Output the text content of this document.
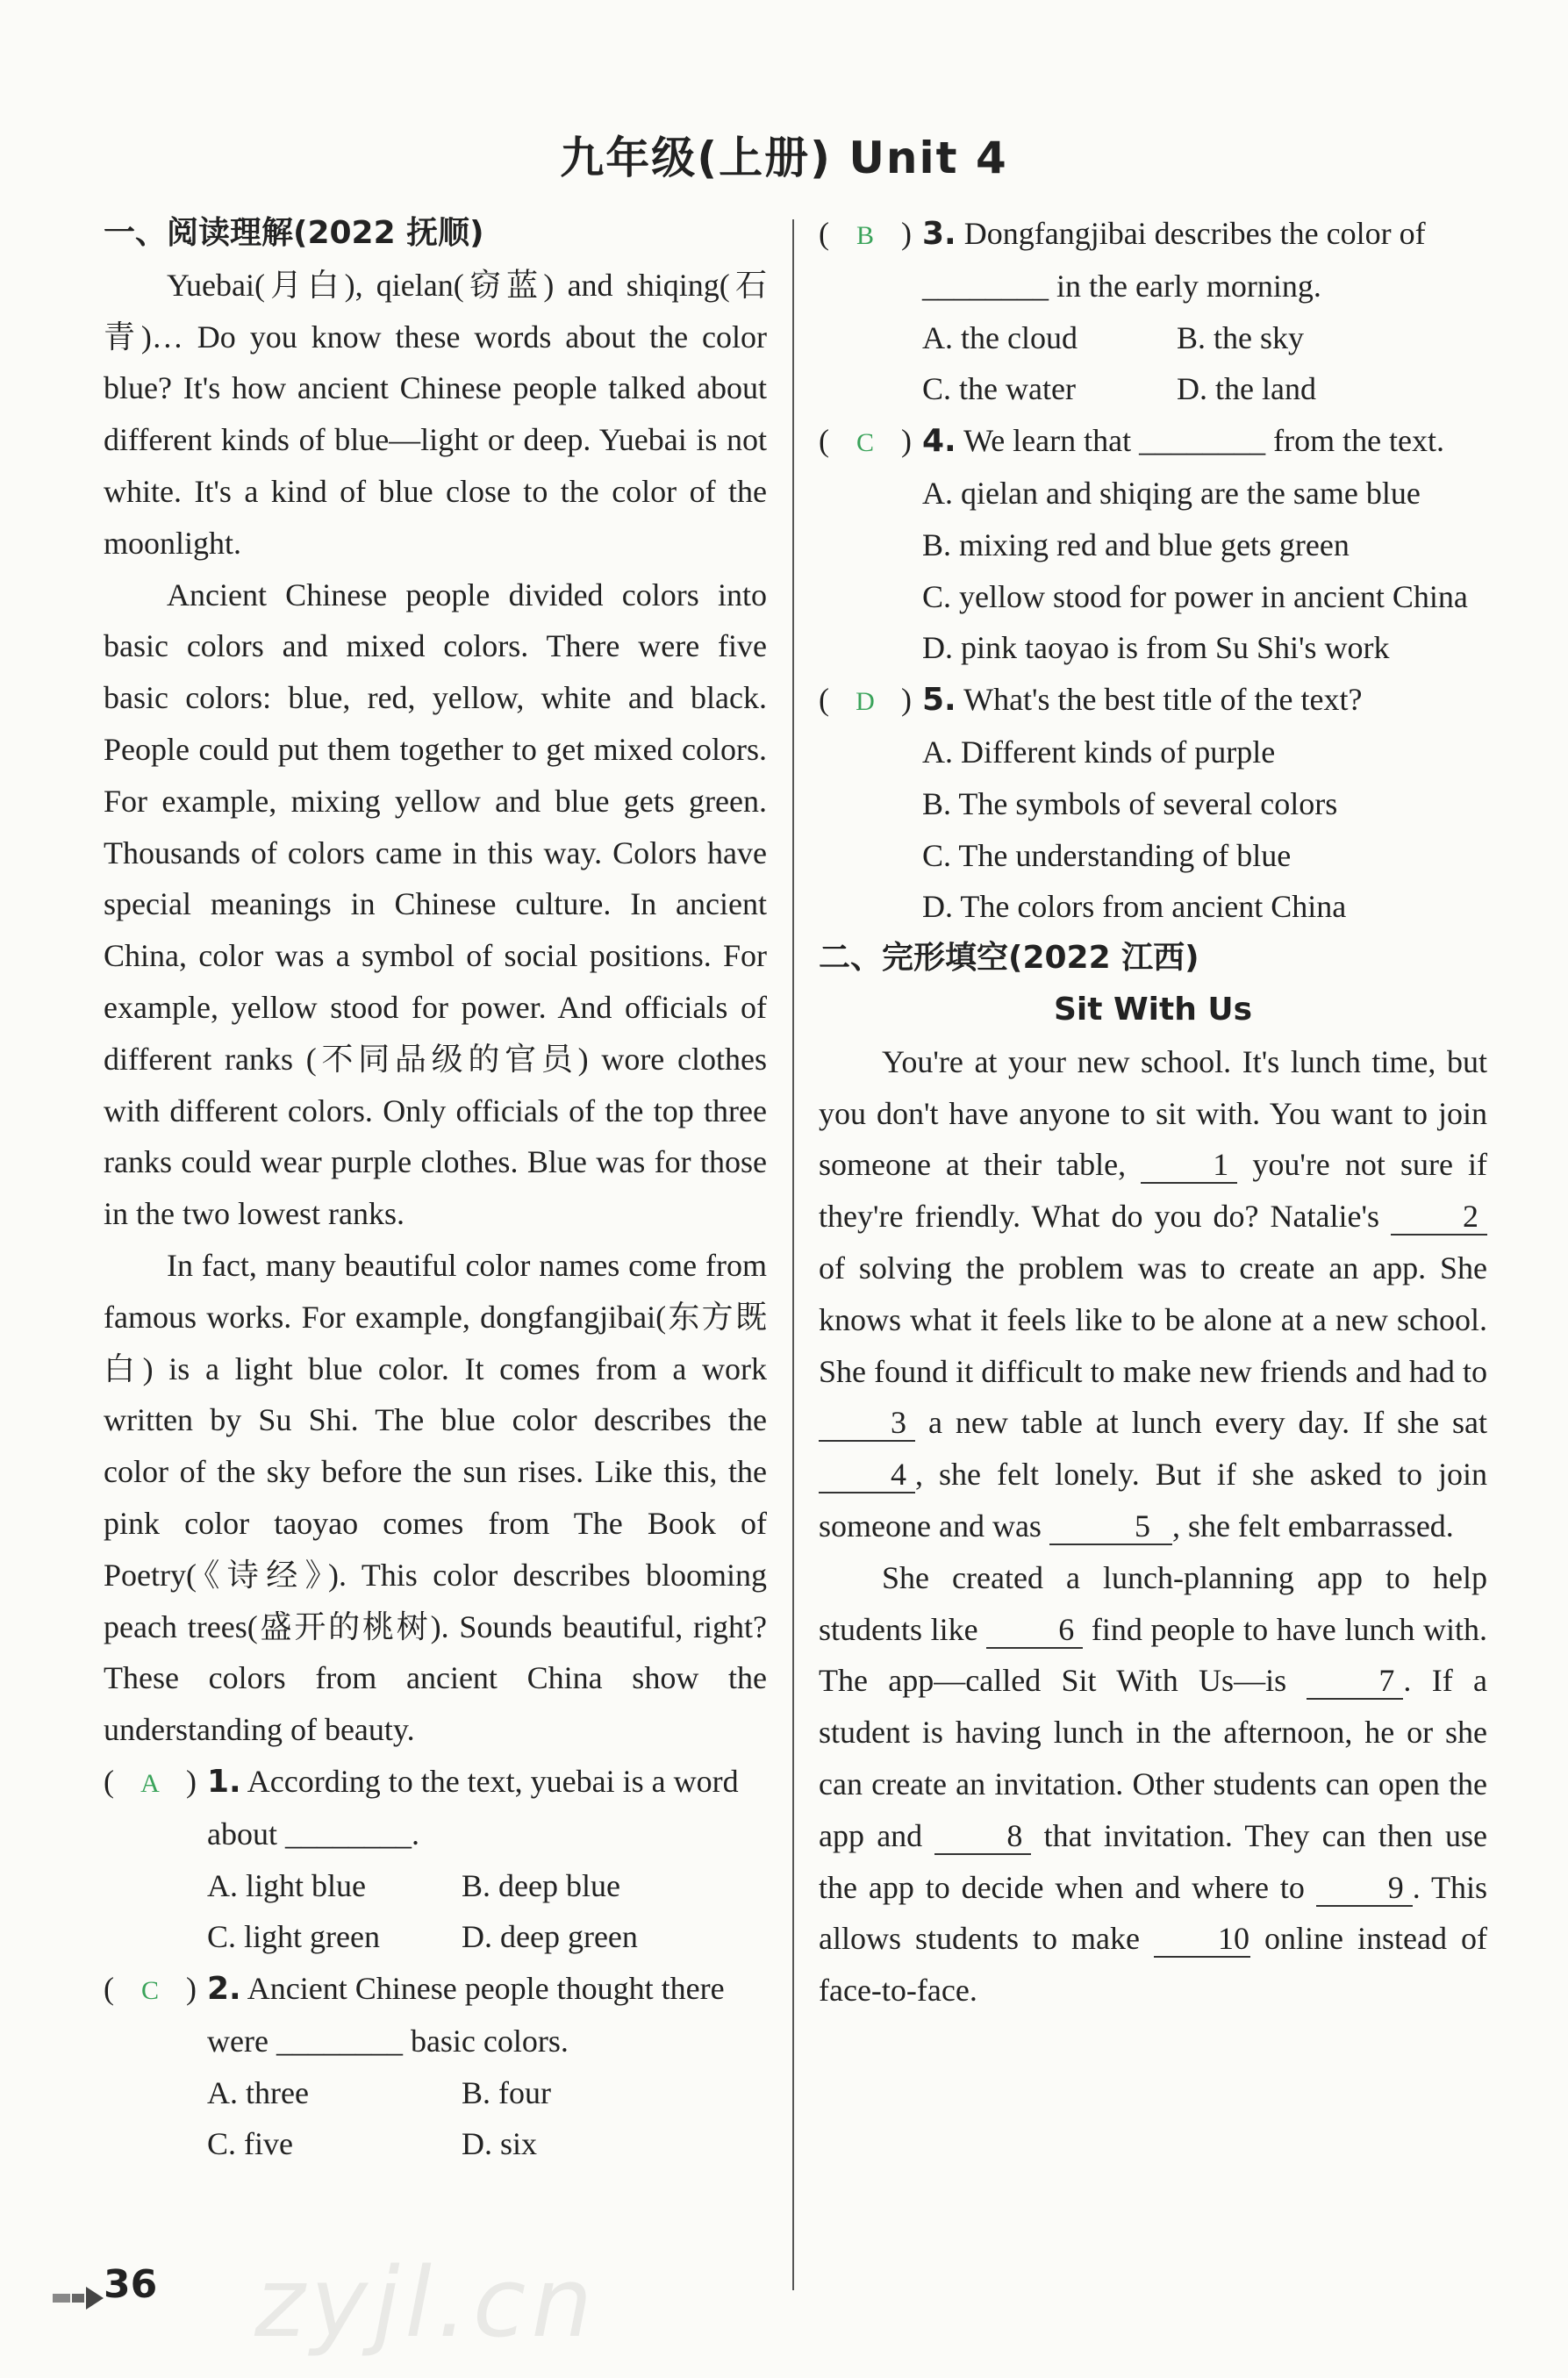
九年级(上册) Unit 4
一、阅读理解(2022 抚顺)

Yuebai(月白), qielan(窃蓝) and shiqing(石青)… Do you know these words about the color blue? It's how ancient Chinese people talked about different kinds of blue—light or deep. Yuebai is not white. It's a kind of blue close to the color of the moonlight.

Ancient Chinese people divided colors into basic colors and mixed colors. There were five basic colors: blue, red, yellow, white and black. People could put them together to get mixed colors. For example, mixing yellow and blue gets green. Thousands of colors came in this way. Colors have special meanings in Chinese culture. In ancient China, color was a symbol of social positions. For example, yellow stood for power. And officials of different ranks (不同品级的官员) wore clothes with different colors. Only officials of the top three ranks could wear purple clothes. Blue was for those in the two lowest ranks.

In fact, many beautiful color names come from famous works. For example, dongfangjibai(东方既白) is a light blue color. It comes from a work written by Su Shi. The blue color describes the color of the sky before the sun rises. Like this, the pink color taoyao comes from The Book of Poetry(《诗经》). This color describes blooming peach trees(盛开的桃树). Sounds beautiful, right? These colors from ancient China show the understanding of beauty.

( A ) 1. According to the text, yuebai is a word about ________.
A. light blue	B. deep blue
C. light green	D. deep green
( C ) 2. Ancient Chinese people thought there were ________ basic colors.
A. three	B. four
C. five	D. six
( B ) 3. Dongfangjibai describes the color of ________ in the early morning.
A. the cloud	B. the sky
C. the water	D. the land
( C ) 4. We learn that ________ from the text.
A. qielan and shiqing are the same blue
B. mixing red and blue gets green
C. yellow stood for power in ancient China
D. pink taoyao is from Su Shi's work
( D ) 5. What's the best title of the text?
A. Different kinds of purple
B. The symbols of several colors
C. The understanding of blue
D. The colors from ancient China
二、完形填空(2022 江西)
Sit With Us

You're at your new school. It's lunch time, but you don't have anyone to sit with. You want to join someone at their table,	1 you're not sure if they're friendly. What do you do? Natalie's	2 of solving the problem was to create an app. She knows what it feels like to be alone at a new school. She found it difficult to make new friends and had to 3 a new table at lunch every day. If she sat 4 , she felt lonely. But if she asked to join someone and was	5 , she felt embarrassed.

She created a lunch-planning app to help students like	6 find people to have lunch with. The app—called Sit With Us—is	7 . If a student is having lunch in the afternoon, he or she can create an invitation. Other students can open the app and	8 that invitation. They can then use the app to decide when and where to	9 . This allows students to make 10 online instead of face-to-face.

36 zyjl.cn
